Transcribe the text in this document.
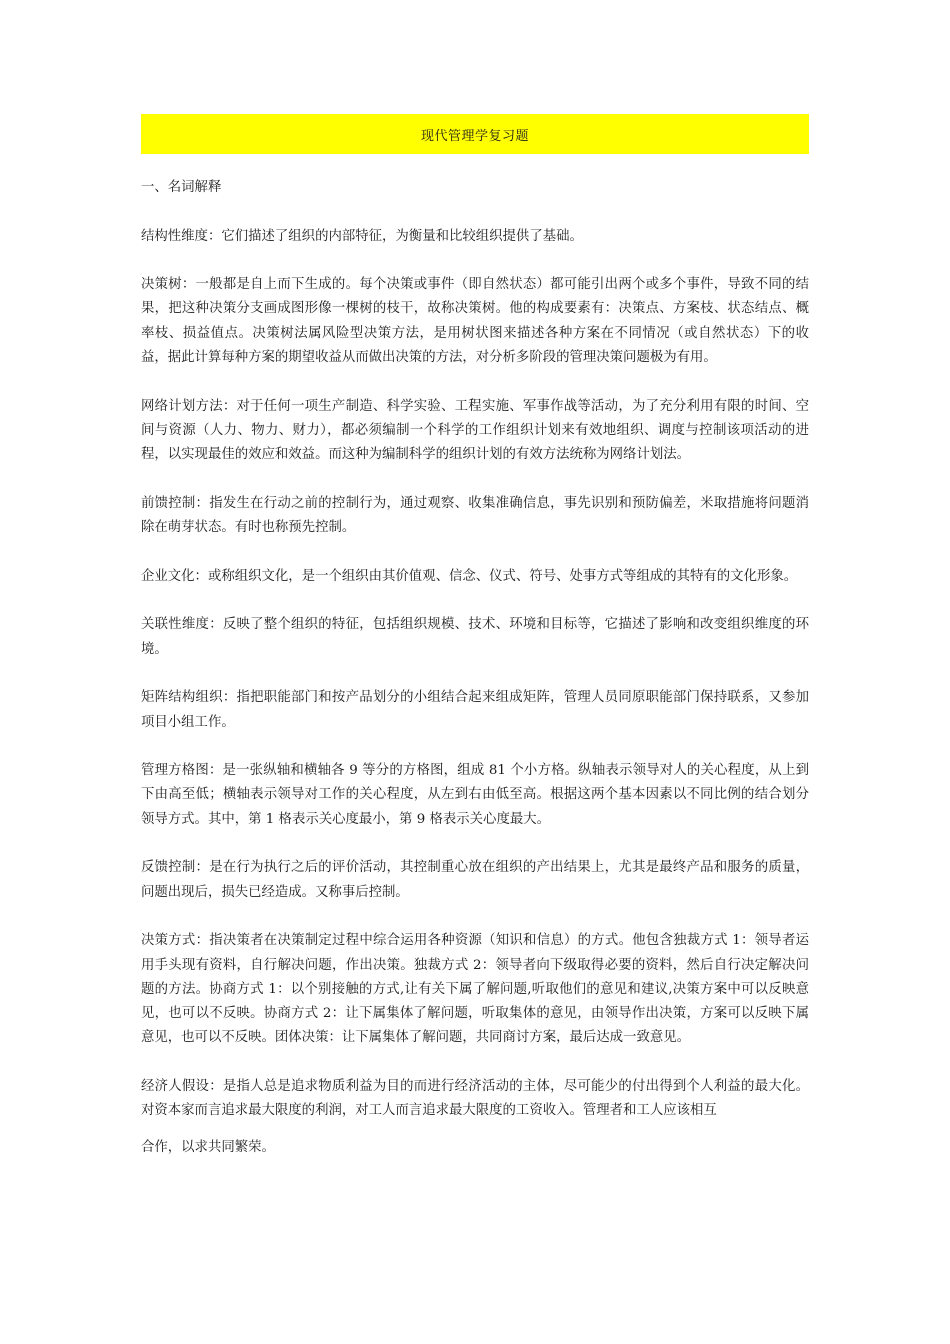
现代管理学复习题

一、名词解释

结构性维度：它们描述了组织的内部特征，为衡量和比较组织提供了基础。

决策树：一般都是自上而下生成的。每个决策或事件（即自然状态）都可能引出两个或多个事件，导致不同的结果，把这种决策分支画成图形像一棵树的枝干，故称决策树。他的构成要素有：决策点、方案枝、状态结点、概率枝、损益值点。决策树法属风险型决策方法，是用树状图来描述各种方案在不同情况（或自然状态）下的收益，据此计算每种方案的期望收益从而做出决策的方法，对分析多阶段的管理决策问题极为有用。

网络计划方法：对于任何一项生产制造、科学实验、工程实施、军事作战等活动，为了充分利用有限的时间、空间与资源（人力、物力、财力），都必须编制一个科学的工作组织计划来有效地组织、调度与控制该项活动的进程，以实现最佳的效应和效益。而这种为编制科学的组织计划的有效方法统称为网络计划法。

前馈控制：指发生在行动之前的控制行为，通过观察、收集准确信息，事先识别和预防偏差，米取措施将问题消除在萌芽状态。有时也称预先控制。

企业文化：或称组织文化，是一个组织由其价值观、信念、仪式、符号、处事方式等组成的其特有的文化形象。

关联性维度：反映了整个组织的特征，包括组织规模、技术、环境和目标等，它描述了影响和改变组织维度的环境。

矩阵结构组织：指把职能部门和按产品划分的小组结合起来组成矩阵，管理人员同原职能部门保持联系，又参加项目小组工作。

管理方格图：是一张纵轴和横轴各 9 等分的方格图，组成 81 个小方格。纵轴表示领导对人的关心程度，从上到下由高至低；横轴表示领导对工作的关心程度，从左到右由低至高。根据这两个基本因素以不同比例的结合划分领导方式。其中，第 1 格表示关心度最小，第 9 格表示关心度最大。

反馈控制：是在行为执行之后的评价活动，其控制重心放在组织的产出结果上，尤其是最终产品和服务的质量，问题出现后，损失已经造成。又称事后控制。

决策方式：指决策者在决策制定过程中综合运用各种资源（知识和信息）的方式。他包含独裁方式 1：领导者运用手头现有资料，自行解决问题，作出决策。独裁方式 2：领导者向下级取得必要的资料，然后自行决定解决问题的方法。协商方式 1：以个别接触的方式,让有关下属了解问题,听取他们的意见和建议,决策方案中可以反映意见，也可以不反映。协商方式 2：让下属集体了解问题，听取集体的意见，由领导作出决策，方案可以反映下属意见，也可以不反映。团体决策：让下属集体了解问题，共同商讨方案，最后达成一致意见。

经济人假设：是指人总是追求物质利益为目的而进行经济活动的主体，尽可能少的付出得到个人利益的最大化。对资本家而言追求最大限度的利润，对工人而言追求最大限度的工资收入。管理者和工人应该相互

合作，以求共同繁荣。
